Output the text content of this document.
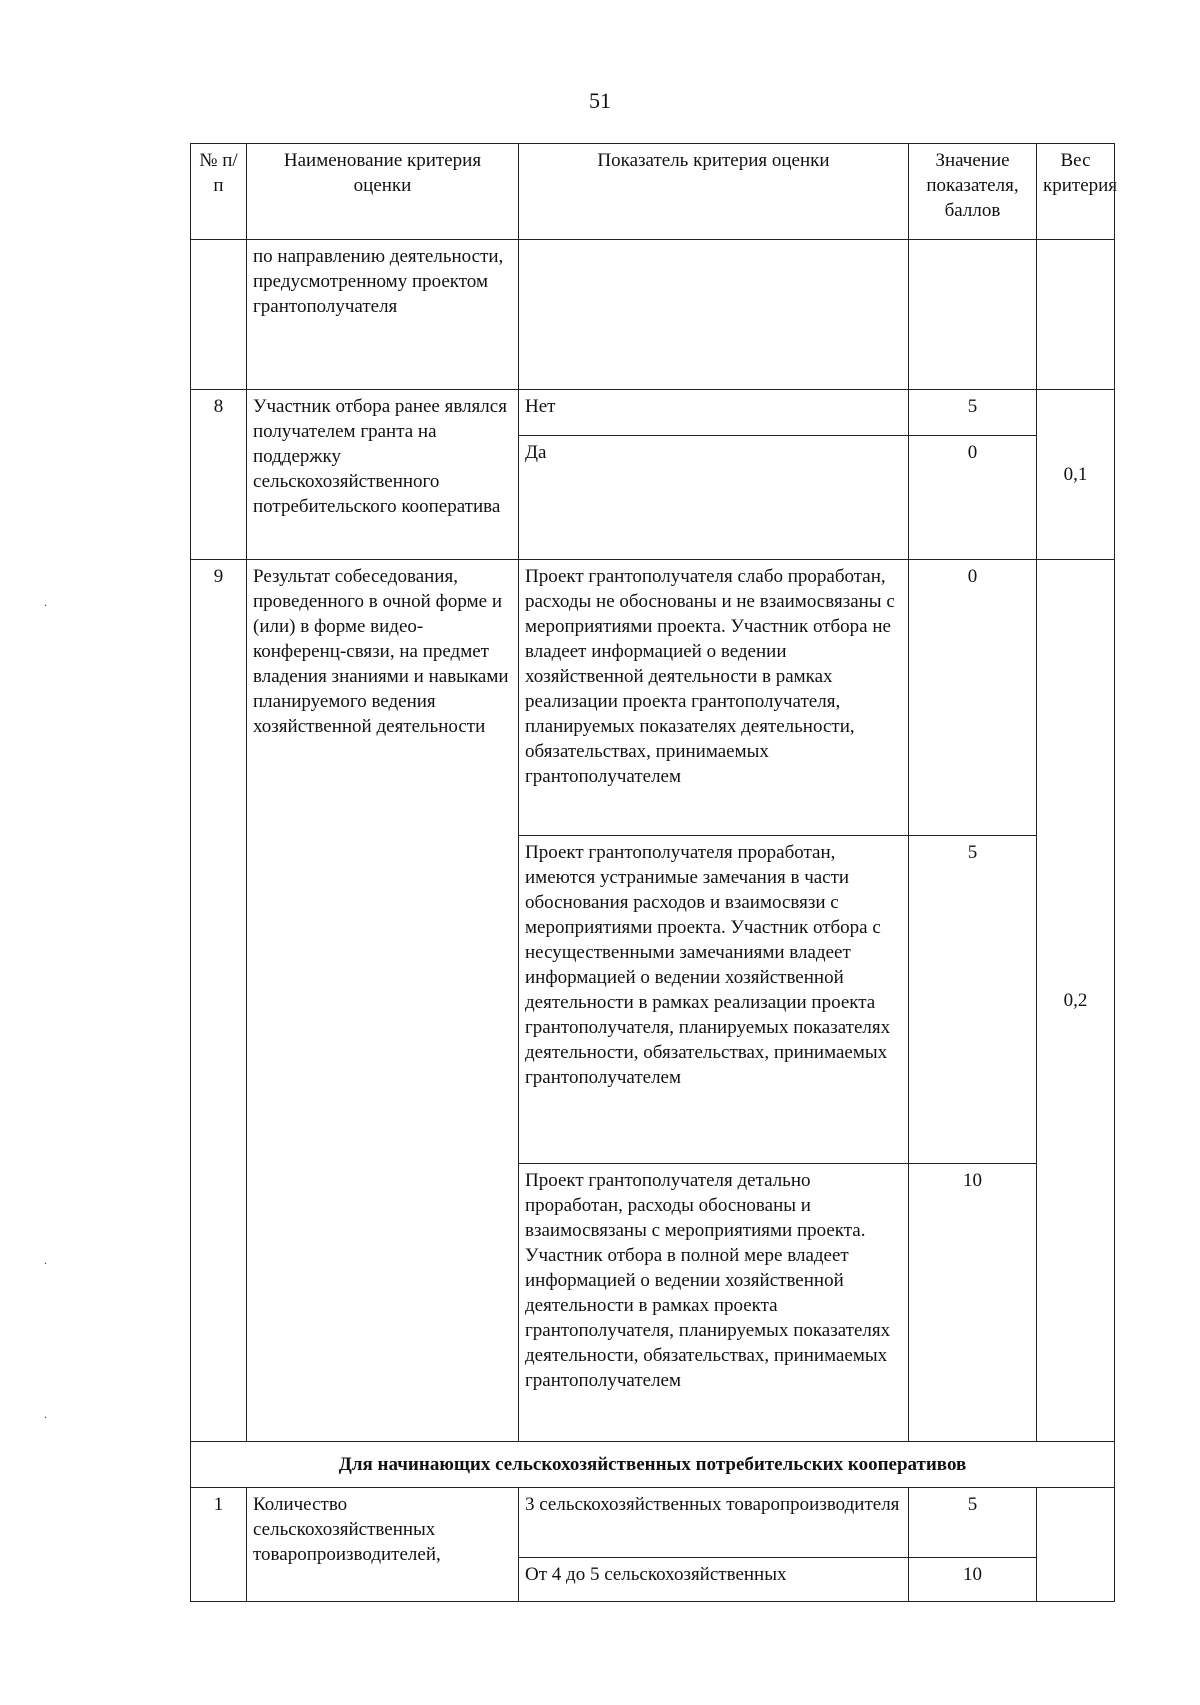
51
№ п/п	Наименование критерия оценки	Показатель критерия оценки	Значение показателя, баллов	Вес критерия
	по направлению деятельности, предусмотренному проектом грантополучателя			
8	Участник отбора ранее являлся получателем гранта на поддержку сельскохозяйственного потребительского кооператива	Нет	5	0,1
		Да	0	
9	Результат собеседования, проведенного в очной форме и (или) в форме видео-конференц-связи, на предмет владения знаниями и навыками планируемого ведения хозяйственной деятельности	Проект грантополучателя слабо проработан, расходы не обоснованы и не взаимосвязаны с мероприятиями проекта. Участник отбора не владеет информацией о ведении хозяйственной деятельности в рамках реализации проекта грантополучателя, планируемых показателях деятельности, обязательствах, принимаемых грантополучателем	0	0,2
		Проект грантополучателя проработан, имеются устранимые замечания в части обоснования расходов и взаимосвязи с мероприятиями проекта. Участник отбора с несущественными замечаниями владеет информацией о ведении хозяйственной деятельности в рамках реализации проекта грантополучателя, планируемых показателях деятельности, обязательствах, принимаемых грантополучателем	5	
		Проект грантополучателя детально проработан, расходы обоснованы и взаимосвязаны с мероприятиями проекта. Участник отбора в полной мере владеет информацией о ведении хозяйственной деятельности в рамках проекта грантополучателя, планируемых показателях деятельности, обязательствах, принимаемых грантополучателем	10	
Для начинающих сельскохозяйственных потребительских кооперативов				
1	Количество сельскохозяйственных товаропроизводителей,	3 сельскохозяйственных товаропроизводителя	5	
		От 4 до 5 сельскохозяйственных	10	
.
.
.
